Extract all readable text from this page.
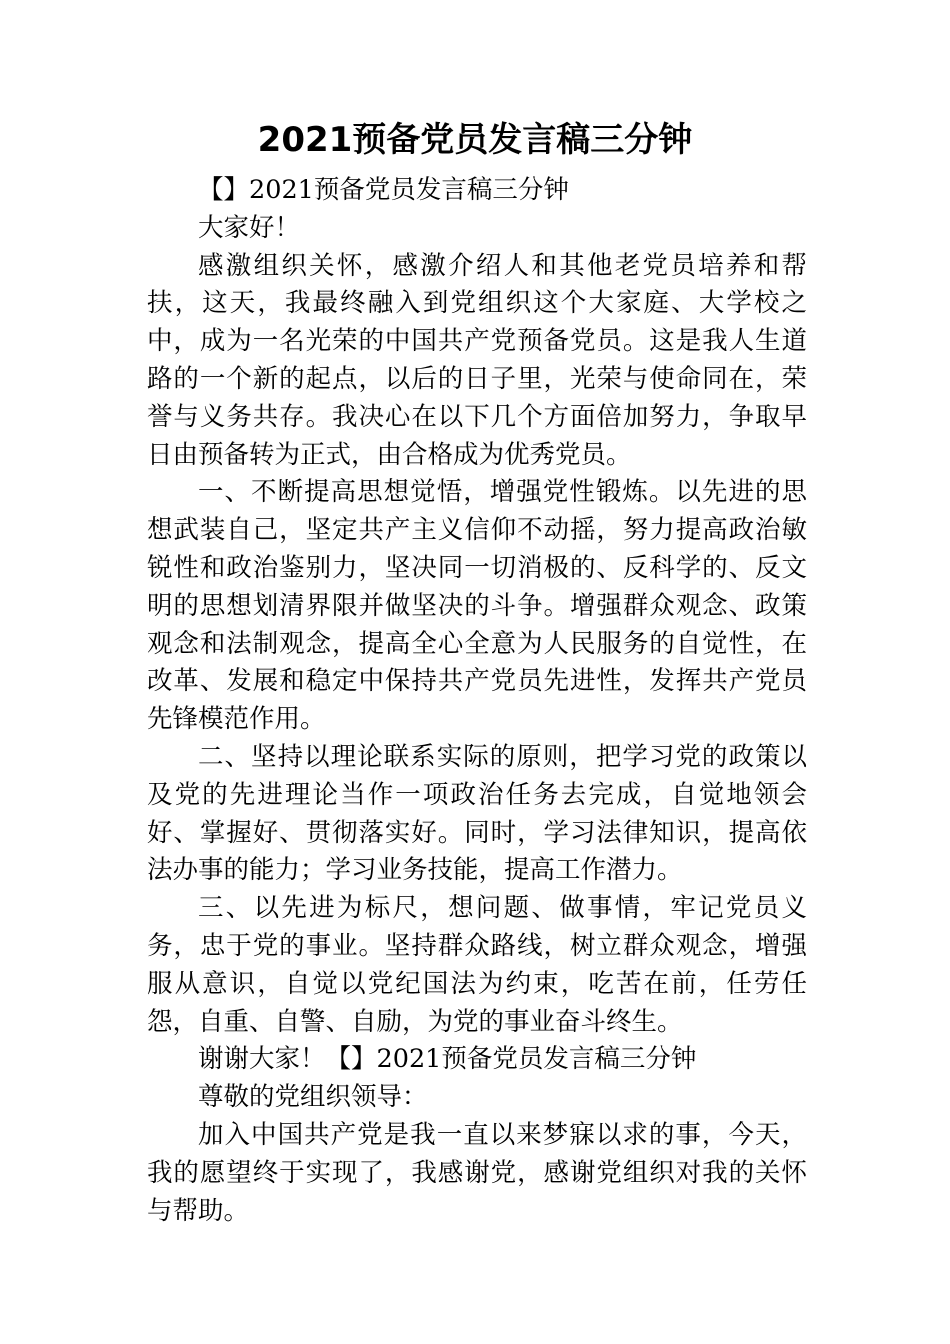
2021预备党员发言稿三分钟

【】2021预备党员发言稿三分钟

大家好！

感激组织关怀，感激介绍人和其他老党员培养和帮扶，这天，我最终融入到党组织这个大家庭、大学校之中，成为一名光荣的中国共产党预备党员。这是我人生道路的一个新的起点，以后的日子里，光荣与使命同在，荣誉与义务共存。我决心在以下几个方面倍加努力，争取早日由预备转为正式，由合格成为优秀党员。

一、不断提高思想觉悟，增强党性锻炼。以先进的思想武装自己，坚定共产主义信仰不动摇，努力提高政治敏锐性和政治鉴别力，坚决同一切消极的、反科学的、反文明的思想划清界限并做坚决的斗争。增强群众观念、政策观念和法制观念，提高全心全意为人民服务的自觉性，在改革、发展和稳定中保持共产党员先进性，发挥共产党员先锋模范作用。

二、坚持以理论联系实际的原则，把学习党的政策以及党的先进理论当作一项政治任务去完成，自觉地领会好、掌握好、贯彻落实好。同时，学习法律知识，提高依法办事的能力；学习业务技能，提高工作潜力。

三、以先进为标尺，想问题、做事情，牢记党员义务，忠于党的事业。坚持群众路线，树立群众观念，增强服从意识，自觉以党纪国法为约束，吃苦在前，任劳任怨，自重、自警、自励，为党的事业奋斗终生。

谢谢大家！【】2021预备党员发言稿三分钟

尊敬的党组织领导：

加入中国共产党是我一直以来梦寐以求的事，今天，我的愿望终于实现了，我感谢党，感谢党组织对我的关怀与帮助。
